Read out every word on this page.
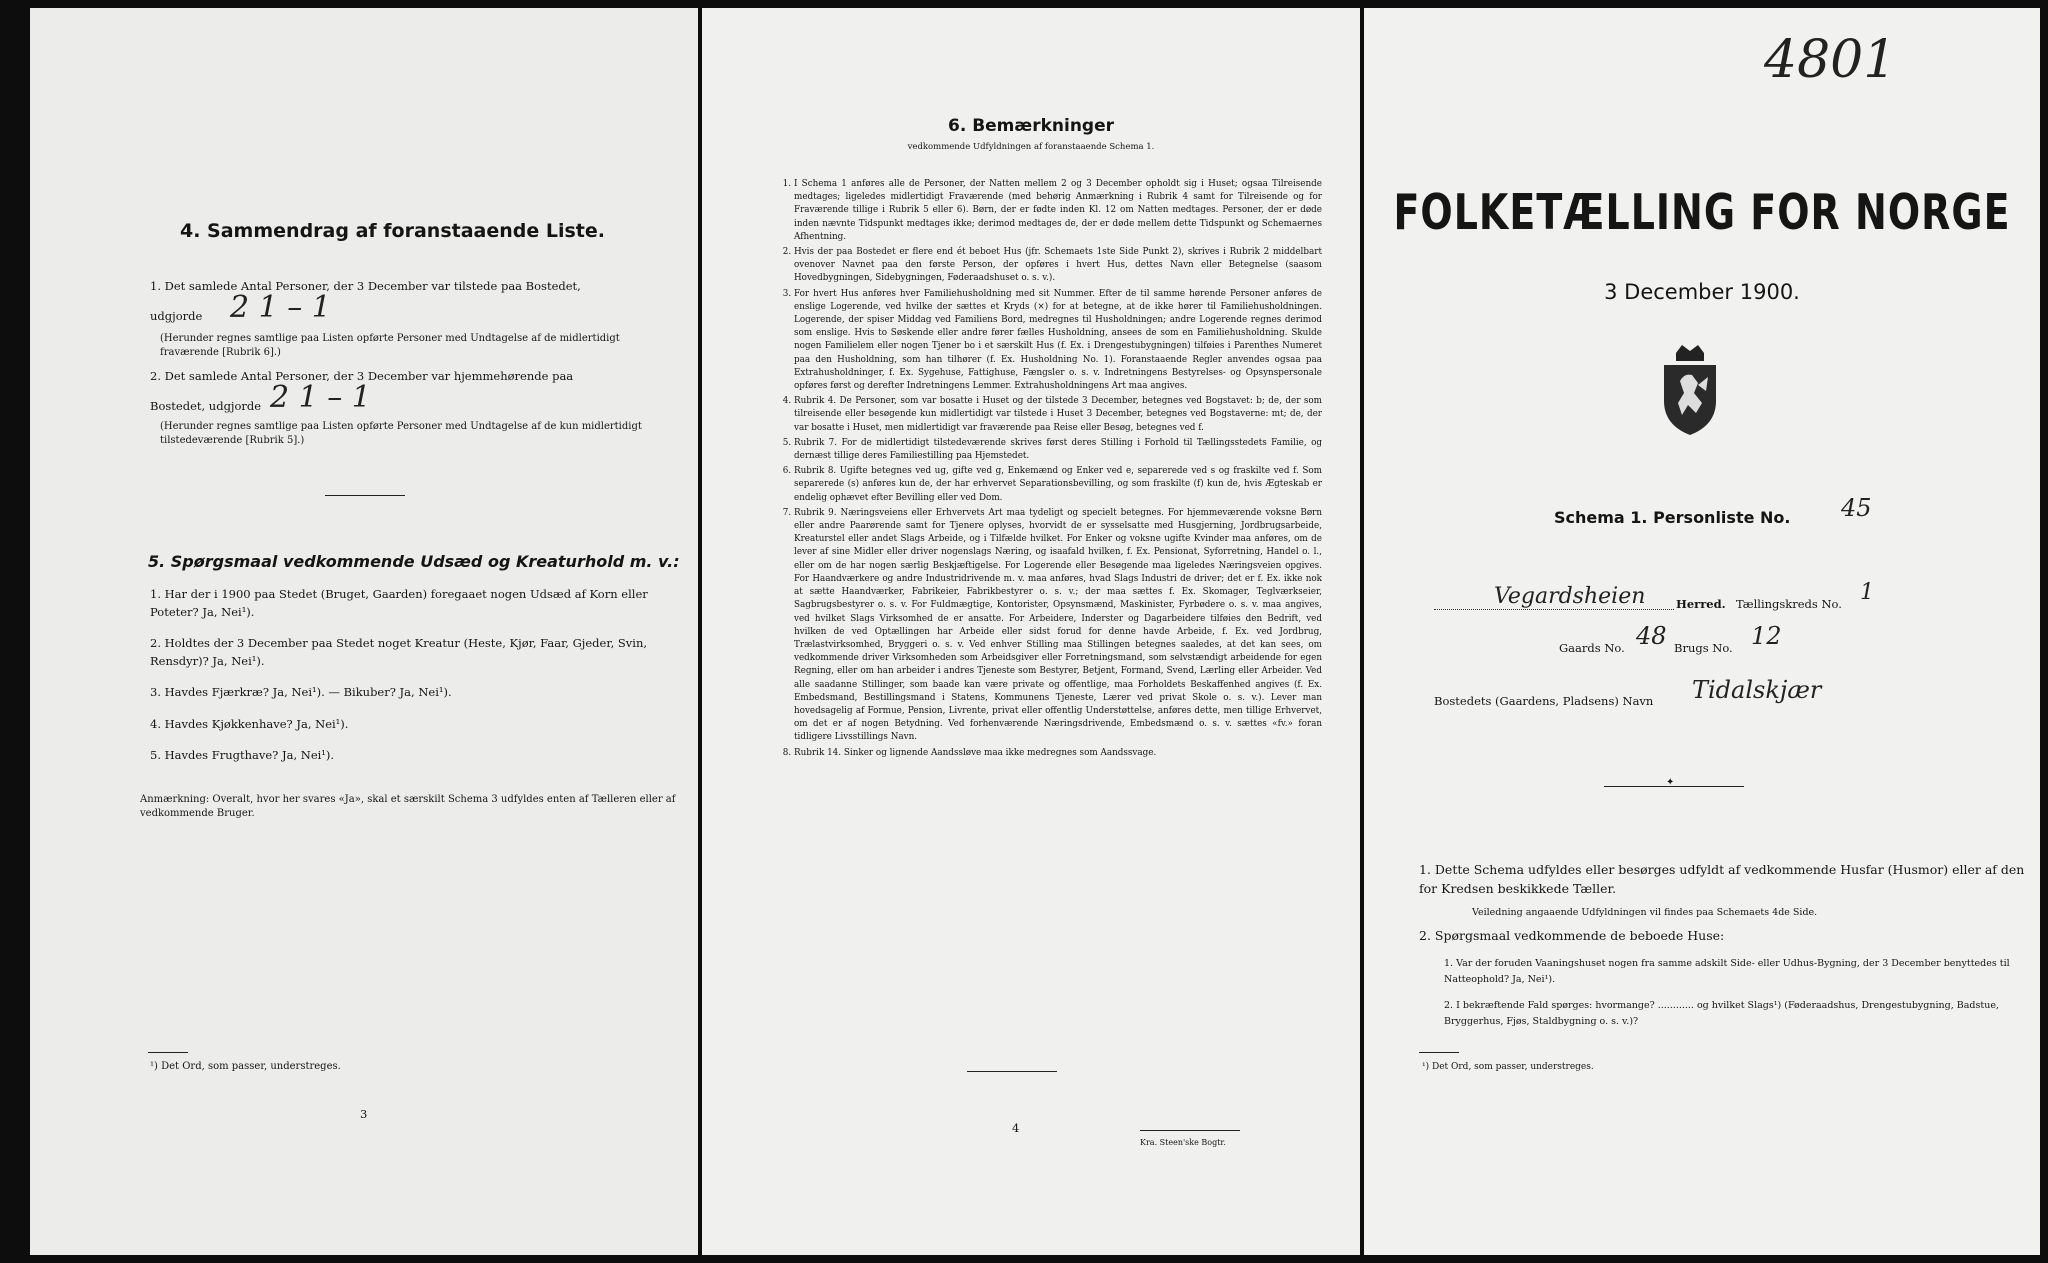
4. Sammendrag af foranstaaende Liste.
1. Det samlede Antal Personer, der 3 December var tilstede paa Bostedet,
udgjorde 2 1 – 1
(Herunder regnes samtlige paa Listen opførte Personer med Undtagelse af de midlertidigt fraværende [Rubrik 6].)
2. Det samlede Antal Personer, der 3 December var hjemmehørende paa
Bostedet, udgjorde 2 1 – 1
(Herunder regnes samtlige paa Listen opførte Personer med Undtagelse af de kun midlertidigt tilstedeværende [Rubrik 5].)
5. Spørgsmaal vedkommende Udsæd og Kreaturhold m. v.:

1. Har der i 1900 paa Stedet (Bruget, Gaarden) foregaaet nogen Udsæd af Korn eller Poteter? Ja, Nei¹).

2. Holdtes der 3 December paa Stedet noget Kreatur (Heste, Kjør, Faar, Gjeder, Svin, Rensdyr)? Ja, Nei¹).

3. Havdes Fjærkræ? Ja, Nei¹). — Bikuber? Ja, Nei¹).

4. Havdes Kjøkkenhave? Ja, Nei¹).

5. Havdes Frugthave? Ja, Nei¹).

Anmærkning: Overalt, hvor her svares «Ja», skal et særskilt Schema 3 udfyldes enten af Tælleren eller af vedkommende Bruger.
¹) Det Ord, som passer, understreges.
3
6. Bemærkninger
vedkommende Udfyldningen af foranstaaende Schema 1.
1. I Schema 1 anføres alle de Personer, der Natten mellem 2 og 3 December opholdt sig i Huset; ogsaa Tilreisende medtages; ligeledes midlertidigt Fraværende (med behørig Anmærkning i Rubrik 4 samt for Tilreisende og for Fraværende tillige i Rubrik 5 eller 6). Børn, der er fødte inden Kl. 12 om Natten medtages. Personer, der er døde inden nævnte Tidspunkt medtages ikke; derimod medtages de, der er døde mellem dette Tidspunkt og Schemaernes Afhentning.
2. Hvis der paa Bostedet er flere end ét beboet Hus (jfr. Schemaets 1ste Side Punkt 2), skrives i Rubrik 2 middelbart ovenover Navnet paa den første Person, der opføres i hvert Hus, dettes Navn eller Betegnelse (saasom Hovedbygningen, Sidebygningen, Føderaadshuset o. s. v.).
3. For hvert Hus anføres hver Familiehusholdning med sit Nummer. Efter de til samme hørende Personer anføres de enslige Logerende, ved hvilke der sættes et Kryds (×) for at betegne, at de ikke hører til Familiehusholdningen. Logerende, der spiser Middag ved Familiens Bord, medregnes til Husholdningen; andre Logerende regnes derimod som enslige. Hvis to Søskende eller andre fører fælles Husholdning, ansees de som en Familiehusholdning. Skulde nogen Familielem eller nogen Tjener bo i et særskilt Hus (f. Ex. i Drengestubygningen) tilføies i Parenthes Numeret paa den Husholdning, som han tilhører (f. Ex. Husholdning No. 1). Foranstaaende Regler anvendes ogsaa paa Extrahusholdninger, f. Ex. Sygehuse, Fattighuse, Fængsler o. s. v. Indretningens Bestyrelses- og Opsynspersonale opføres først og derefter Indretningens Lemmer. Extrahusholdningens Art maa angives.
4. Rubrik 4. De Personer, som var bosatte i Huset og der tilstede 3 December, betegnes ved Bogstavet: b; de, der som tilreisende eller besøgende kun midlertidigt var tilstede i Huset 3 December, betegnes ved Bogstaverne: mt; de, der var bosatte i Huset, men midlertidigt var fraværende paa Reise eller Besøg, betegnes ved f.
5. Rubrik 7. For de midlertidigt tilstedeværende skrives først deres Stilling i Forhold til Tællingsstedets Familie, og dernæst tillige deres Familiestilling paa Hjemstedet.
6. Rubrik 8. Ugifte betegnes ved ug, gifte ved g, Enkemænd og Enker ved e, separerede ved s og fraskilte ved f. Som separerede (s) anføres kun de, der har erhvervet Separationsbevilling, og som fraskilte (f) kun de, hvis Ægteskab er endelig ophævet efter Bevilling eller ved Dom.
7. Rubrik 9. Næringsveiens eller Erhvervets Art maa tydeligt og specielt betegnes. For hjemmeværende voksne Børn eller andre Paarørende samt for Tjenere oplyses, hvorvidt de er sysselsatte med Husgjerning, Jordbrugsarbeide, Kreaturstel eller andet Slags Arbeide, og i Tilfælde hvilket. For Enker og voksne ugifte Kvinder maa anføres, om de lever af sine Midler eller driver nogenslags Næring, og isaafald hvilken, f. Ex. Pensionat, Syforretning, Handel o. l., eller om de har nogen særlig Beskjæftigelse. For Logerende eller Besøgende maa ligeledes Næringsveien opgives. For Haandværkere og andre Industridrivende m. v. maa anføres, hvad Slags Industri de driver; det er f. Ex. ikke nok at sætte Haandværker, Fabrikeier, Fabrikbestyrer o. s. v.; der maa sættes f. Ex. Skomager, Teglværkseier, Sagbrugsbestyrer o. s. v. For Fuldmægtige, Kontorister, Opsynsmænd, Maskinister, Fyrbødere o. s. v. maa angives, ved hvilket Slags Virksomhed de er ansatte. For Arbeidere, Inderster og Dagarbeidere tilføies den Bedrift, ved hvilken de ved Optællingen har Arbeide eller sidst forud for denne havde Arbeide, f. Ex. ved Jordbrug, Trælastvirksomhed, Bryggeri o. s. v. Ved enhver Stilling maa Stillingen betegnes saaledes, at det kan sees, om vedkommende driver Virksomheden som Arbeidsgiver eller Forretningsmand, som selvstændigt arbeidende for egen Regning, eller om han arbeider i andres Tjeneste som Bestyrer, Betjent, Formand, Svend, Lærling eller Arbeider. Ved alle saadanne Stillinger, som baade kan være private og offentlige, maa Forholdets Beskaffenhed angives (f. Ex. Embedsmand, Bestillingsmand i Statens, Kommunens Tjeneste, Lærer ved privat Skole o. s. v.). Lever man hovedsagelig af Formue, Pension, Livrente, privat eller offentlig Understøttelse, anføres dette, men tillige Erhvervet, om det er af nogen Betydning. Ved forhenværende Næringsdrivende, Embedsmænd o. s. v. sættes «fv.» foran tidligere Livsstillings Navn.
8. Rubrik 14. Sinker og lignende Aandssløve maa ikke medregnes som Aandssvage.
4
Kra. Steen'ske Bogtr.
4801
FOLKETÆLLING FOR NORGE
3 December 1900.
Schema 1. Personliste No. 45
Vegardsheien	Herred. Tællingskreds No. 1
Gaards No. 48 Brugs No. 12
Bostedets (Gaardens, Pladsens) Navn Tidalskjær
✦
1. Dette Schema udfyldes eller besørges udfyldt af vedkommende Husfar (Husmor) eller af den for Kredsen beskikkede Tæller.
Veiledning angaaende Udfyldningen vil findes paa Schemaets 4de Side.
2. Spørgsmaal vedkommende de beboede Huse:

1. Var der foruden Vaaningshuset nogen fra samme adskilt Side- eller Udhus-Bygning, der 3 December benyttedes til Natteophold? Ja, Nei¹).

2. I bekræftende Fald spørges: hvormange? ............ og hvilket Slags¹) (Føderaadshus, Drengestubygning, Badstue, Bryggerhus, Fjøs, Staldbygning o. s. v.)?

¹) Det Ord, som passer, understreges.
